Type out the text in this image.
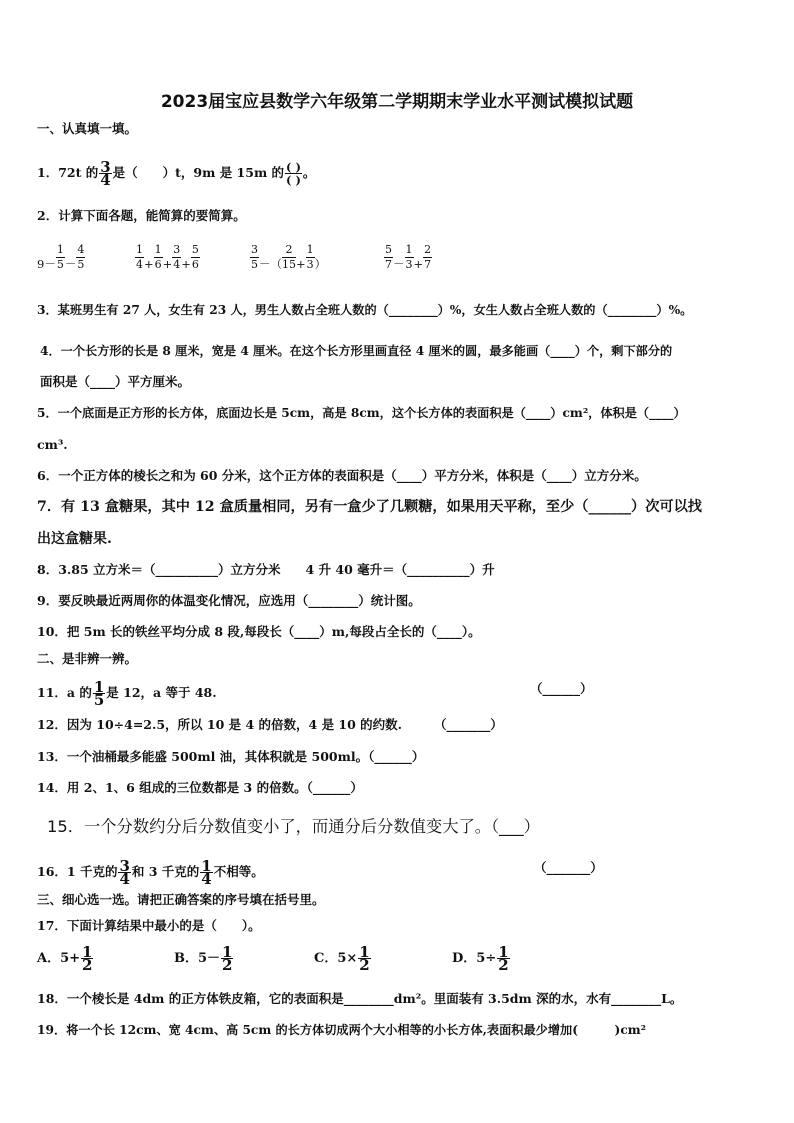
2023届宝应县数学六年级第二学期期末学业水平测试模拟试题
一、认真填一填。
1．72t 的 $\frac{3}{4}$ 是（　　）t，9m 是 15m 的 $\frac{( )}{( )}$ 。
2．计算下面各题，能简算的要简算。
9－
1
5 －
4
5
1
4 +
1
6 +
3
4 +
5
6
3
5 －（
2
15 +
1
3 ）
5
7 －
1
3 +
2
7
3．某班男生有 27 人，女生有 23 人，男生人数占全班人数的（________）%，女生人数占全班人数的（________）%。
4．一个长方形的长是 8 厘米，宽是 4 厘米。在这个长方形里画直径 4 厘米的圆，最多能画（____）个，剩下部分的
面积是（____）平方厘米。
5．一个底面是正方形的长方体，底面边长是 5cm，高是 8cm，这个长方体的表面积是（____）cm²，体积是（____）
cm³.
6．一个正方体的棱长之和为 60 分米，这个正方体的表面积是（____）平方分米，体积是（____）立方分米。
7．有 13 盒糖果，其中 12 盒质量相同，另有一盒少了几颗糖，如果用天平称，至少（______）次可以找
出这盒糖果.
8．3.85 立方米＝（__________）立方分米　　4 升 40 毫升＝（__________）升
9．要反映最近两周你的体温变化情况，应选用（________）统计图。
10．把 5m 长的铁丝平均分成 8 段,每段长（____）m,每段占全长的（____）。
二、是非辨一辨。
11．a 的 $\frac{1}{5}$ 是 12，a 等于 48.	（______）
12．因为 10÷4=2.5，所以 10 是 4 的倍数，4 是 10 的约数.	（_______）
13．一个油桶最多能盛 500ml 油，其体积就是 500ml。（______）
14．用 2、1、6 组成的三位数都是 3 的倍数。（______）
15．一个分数约分后分数值变小了，而通分后分数值变大了。（___）
16．1 千克的 $\frac{3}{4}$ 和 3 千克的 $\frac{1}{4}$ 不相等。	（_______）
三、细心选一选。请把正确答案的序号填在括号里。
17．下面计算结果中最小的是（　　）。
A．$5+ \frac{1}{2}$	B．$5- \frac{1}{2}$	C．$5\times \frac{1}{2}$	D．$5\div \frac{1}{2}$
18．一个棱长是 4dm 的正方体铁皮箱，它的表面积是________dm²。里面装有 3.5dm 深的水，水有________L。
19．将一个长 12cm、宽 4cm、高 5cm 的长方体切成两个大小相等的小长方体,表面积最少增加(　　　)cm²
